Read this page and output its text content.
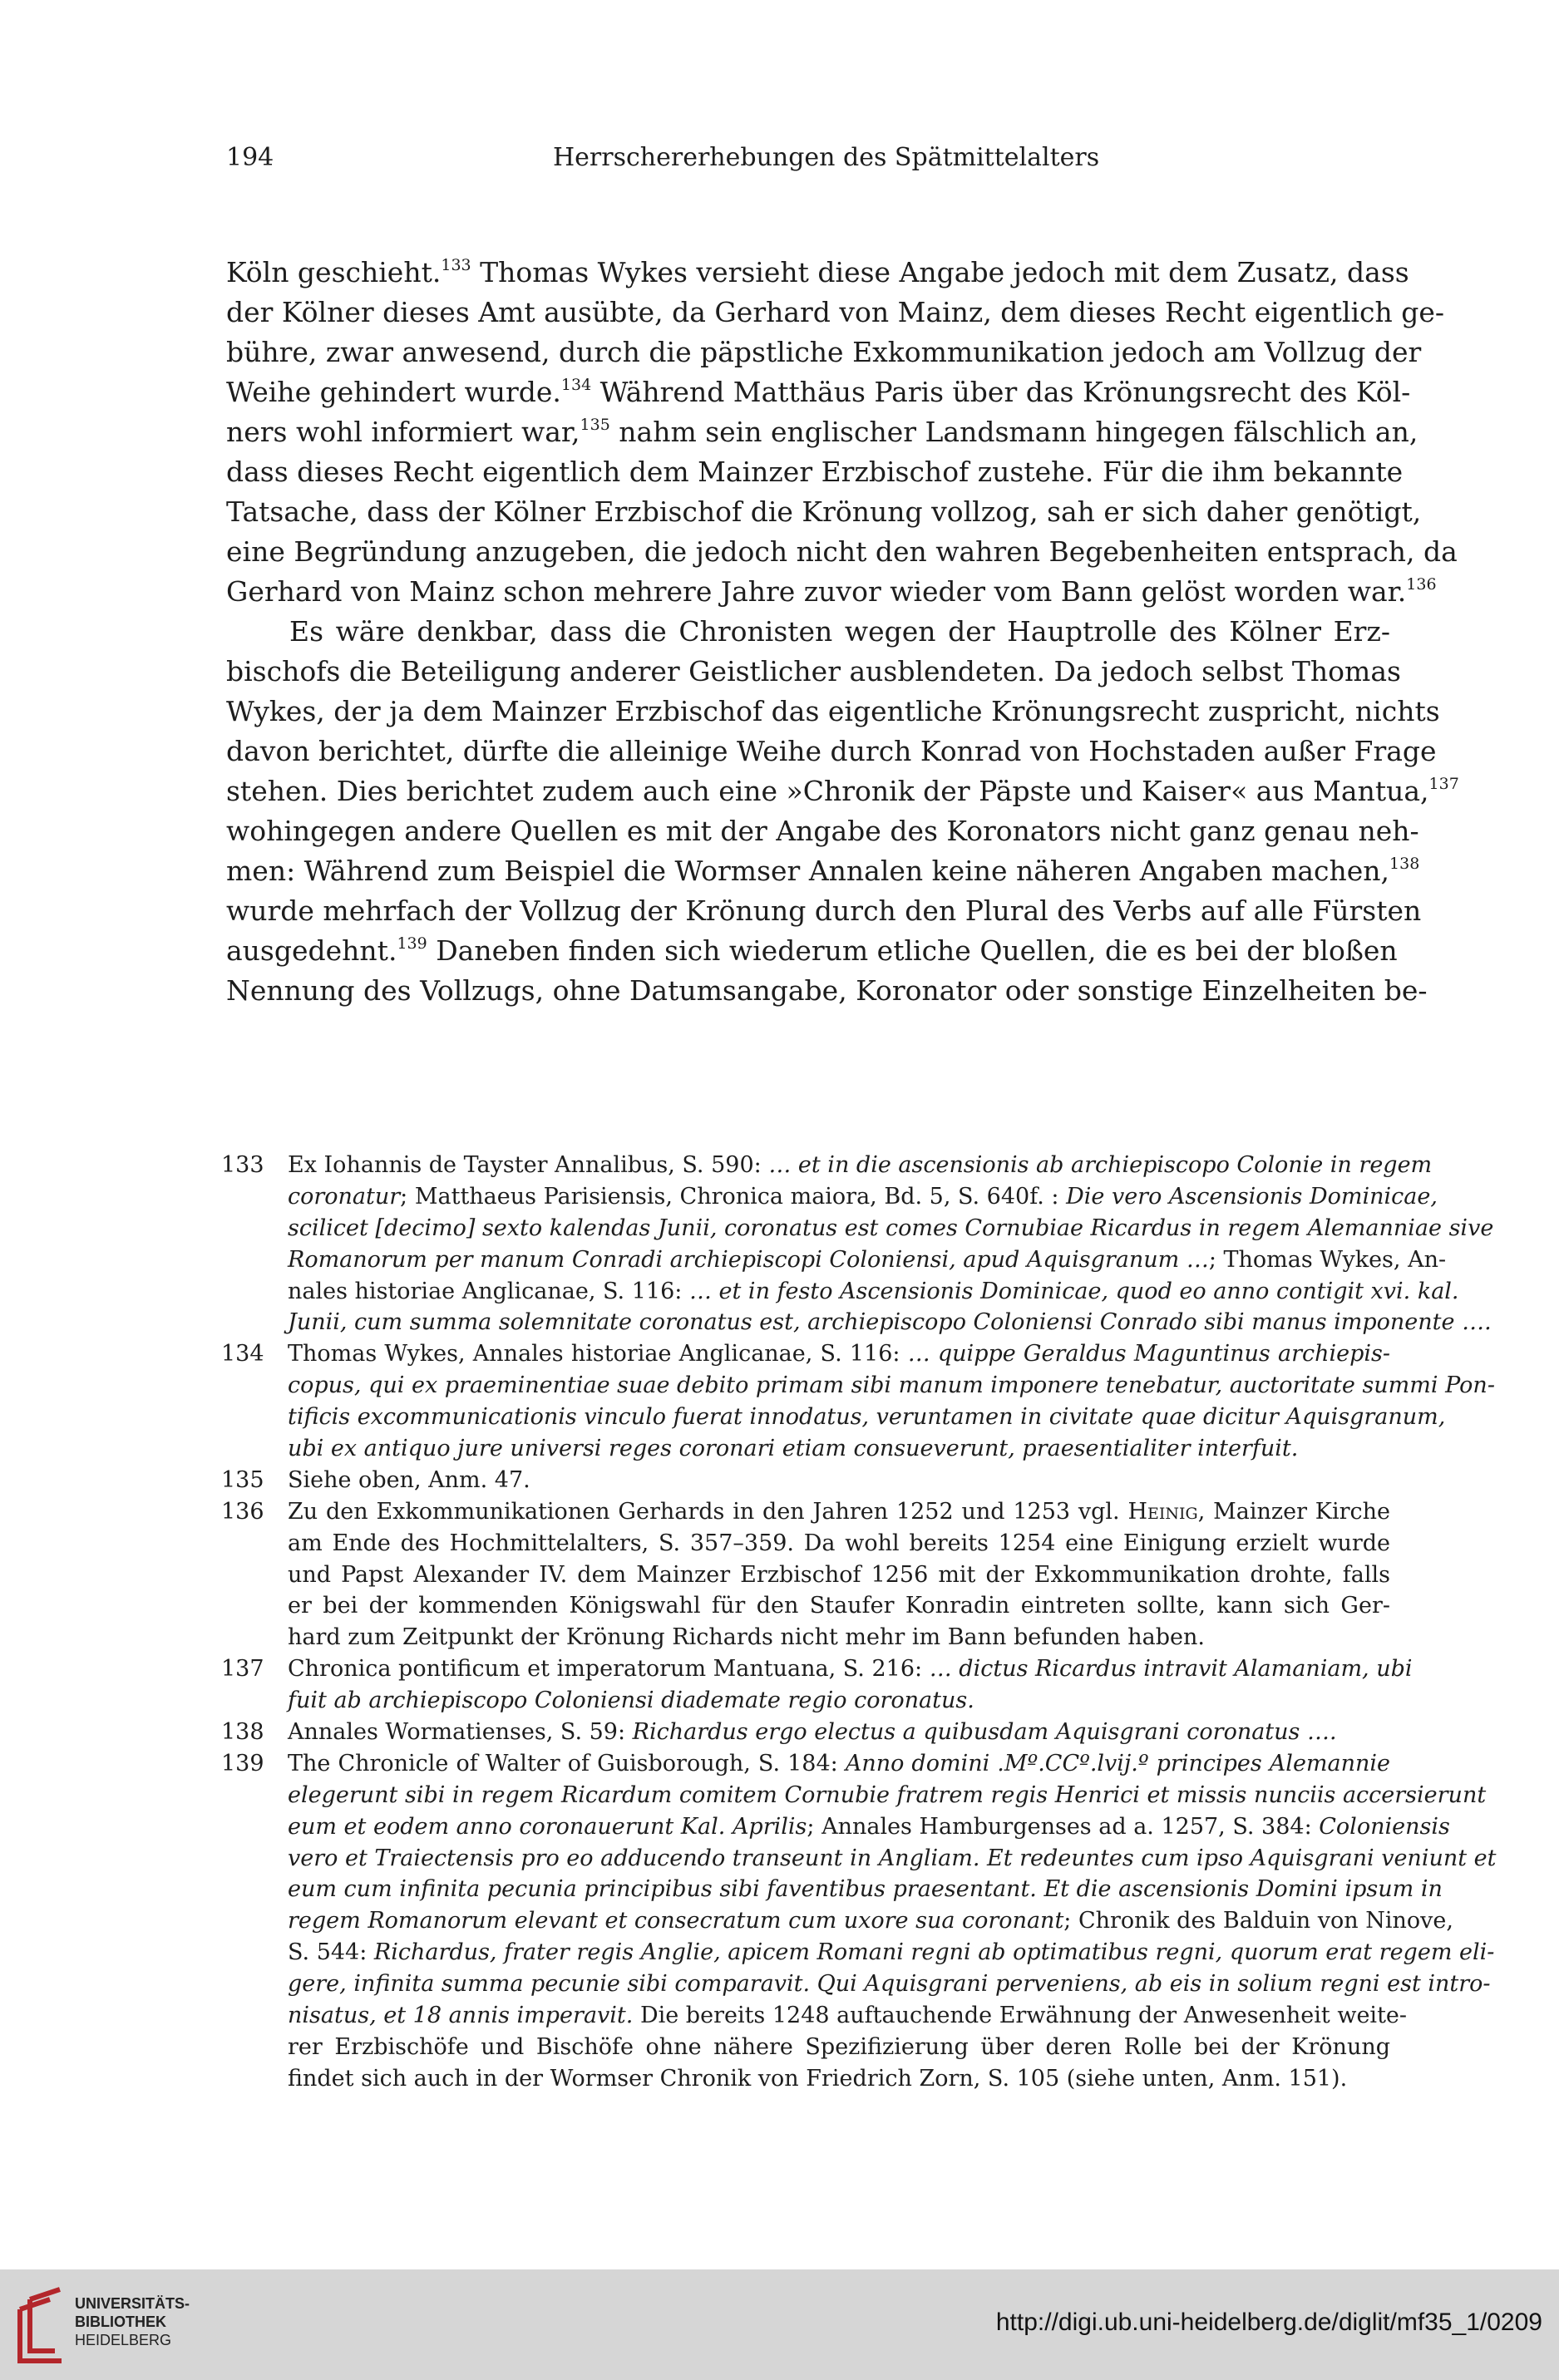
194	Herrschererhebungen des Spätmittelalters
Köln geschieht.$^{133}$ Thomas Wykes versieht diese Angabe jedoch mit dem Zusatz, dass
der Kölner dieses Amt ausübte, da Gerhard von Mainz, dem dieses Recht eigentlich ge-
bühre, zwar anwesend, durch die päpstliche Exkommunikation jedoch am Vollzug der
Weihe gehindert wurde.$^{134}$ Während Matthäus Paris über das Krönungsrecht des Köl-
ners wohl informiert war,$^{135}$ nahm sein englischer Landsmann hingegen fälschlich an,
dass dieses Recht eigentlich dem Mainzer Erzbischof zustehe. Für die ihm bekannte
Tatsache, dass der Kölner Erzbischof die Krönung vollzog, sah er sich daher genötigt,
eine Begründung anzugeben, die jedoch nicht den wahren Begebenheiten entsprach, da
Gerhard von Mainz schon mehrere Jahre zuvor wieder vom Bann gelöst worden war.$^{136}$
Es wäre denkbar, dass die Chronisten wegen der Hauptrolle des Kölner Erz-
bischofs die Beteiligung anderer Geistlicher ausblendeten. Da jedoch selbst Thomas
Wykes, der ja dem Mainzer Erzbischof das eigentliche Krönungsrecht zuspricht, nichts
davon berichtet, dürfte die alleinige Weihe durch Konrad von Hochstaden außer Frage
stehen. Dies berichtet zudem auch eine »Chronik der Päpste und Kaiser« aus Mantua,$^{137}$
wohingegen andere Quellen es mit der Angabe des Koronators nicht ganz genau neh-
men: Während zum Beispiel die Wormser Annalen keine näheren Angaben machen,$^{138}$
wurde mehrfach der Vollzug der Krönung durch den Plural des Verbs auf alle Fürsten
ausgedehnt.$^{139}$ Daneben finden sich wiederum etliche Quellen, die es bei der bloßen
Nennung des Vollzugs, ohne Datumsangabe, Koronator oder sonstige Einzelheiten be-
133 Ex Iohannis de Tayster Annalibus, S. 590: … et in die ascensionis ab archiepiscopo Colonie in regem
coronatur; Matthaeus Parisiensis, Chronica maiora, Bd. 5, S. 640f. : Die vero Ascensionis Dominicae,
scilicet [decimo] sexto kalendas Junii, coronatus est comes Cornubiae Ricardus in regem Alemanniae sive
Romanorum per manum Conradi archiepiscopi Coloniensi, apud Aquisgranum …; Thomas Wykes, An-
nales historiae Anglicanae, S. 116: … et in festo Ascensionis Dominicae, quod eo anno contigit xvi. kal.
Junii, cum summa solemnitate coronatus est, archiepiscopo Coloniensi Conrado sibi manus imponente ….
134 Thomas Wykes, Annales historiae Anglicanae, S. 116: … quippe Geraldus Maguntinus archiepis-
copus, qui ex praeminentiae suae debito primam sibi manum imponere tenebatur, auctoritate summi Pon-
tificis excommunicationis vinculo fuerat innodatus, veruntamen in civitate quae dicitur Aquisgranum,
ubi ex antiquo jure universi reges coronari etiam consueverunt, praesentialiter interfuit.
135 Siehe oben, Anm. 47.
136 Zu den Exkommunikationen Gerhards in den Jahren 1252 und 1253 vgl. Heinig, Mainzer Kirche
am Ende des Hochmittelalters, S. 357–359. Da wohl bereits 1254 eine Einigung erzielt wurde
und Papst Alexander IV. dem Mainzer Erzbischof 1256 mit der Exkommunikation drohte, falls
er bei der kommenden Königswahl für den Staufer Konradin eintreten sollte, kann sich Ger-
hard zum Zeitpunkt der Krönung Richards nicht mehr im Bann befunden haben.
137 Chronica pontificum et imperatorum Mantuana, S. 216: … dictus Ricardus intravit Alamaniam, ubi
fuit ab archiepiscopo Coloniensi diademate regio coronatus.
138 Annales Wormatienses, S. 59: Richardus ergo electus a quibusdam Aquisgrani coronatus ….
139 The Chronicle of Walter of Guisborough, S. 184: Anno domini .Mº.CCº.lvij.º principes Alemannie
elegerunt sibi in regem Ricardum comitem Cornubie fratrem regis Henrici et missis nunciis accersierunt
eum et eodem anno coronauerunt Kal. Aprilis; Annales Hamburgenses ad a. 1257, S. 384: Coloniensis
vero et Traiectensis pro eo adducendo transeunt in Angliam. Et redeuntes cum ipso Aquisgrani veniunt et
eum cum infinita pecunia principibus sibi faventibus praesentant. Et die ascensionis Domini ipsum in
regem Romanorum elevant et consecratum cum uxore sua coronant; Chronik des Balduin von Ninove,
S. 544: Richardus, frater regis Anglie, apicem Romani regni ab optimatibus regni, quorum erat regem eli-
gere, infinita summa pecunie sibi comparavit. Qui Aquisgrani perveniens, ab eis in solium regni est intro-
nisatus, et 18 annis imperavit. Die bereits 1248 auftauchende Erwähnung der Anwesenheit weite-
rer Erzbischöfe und Bischöfe ohne nähere Spezifizierung über deren Rolle bei der Krönung
findet sich auch in der Wormser Chronik von Friedrich Zorn, S. 105 (siehe unten, Anm. 151).
UNIVERSITÄTS-
BIBLIOTHEK
HEIDELBERG
http://digi.ub.uni-heidelberg.de/diglit/mf35_1/0209
